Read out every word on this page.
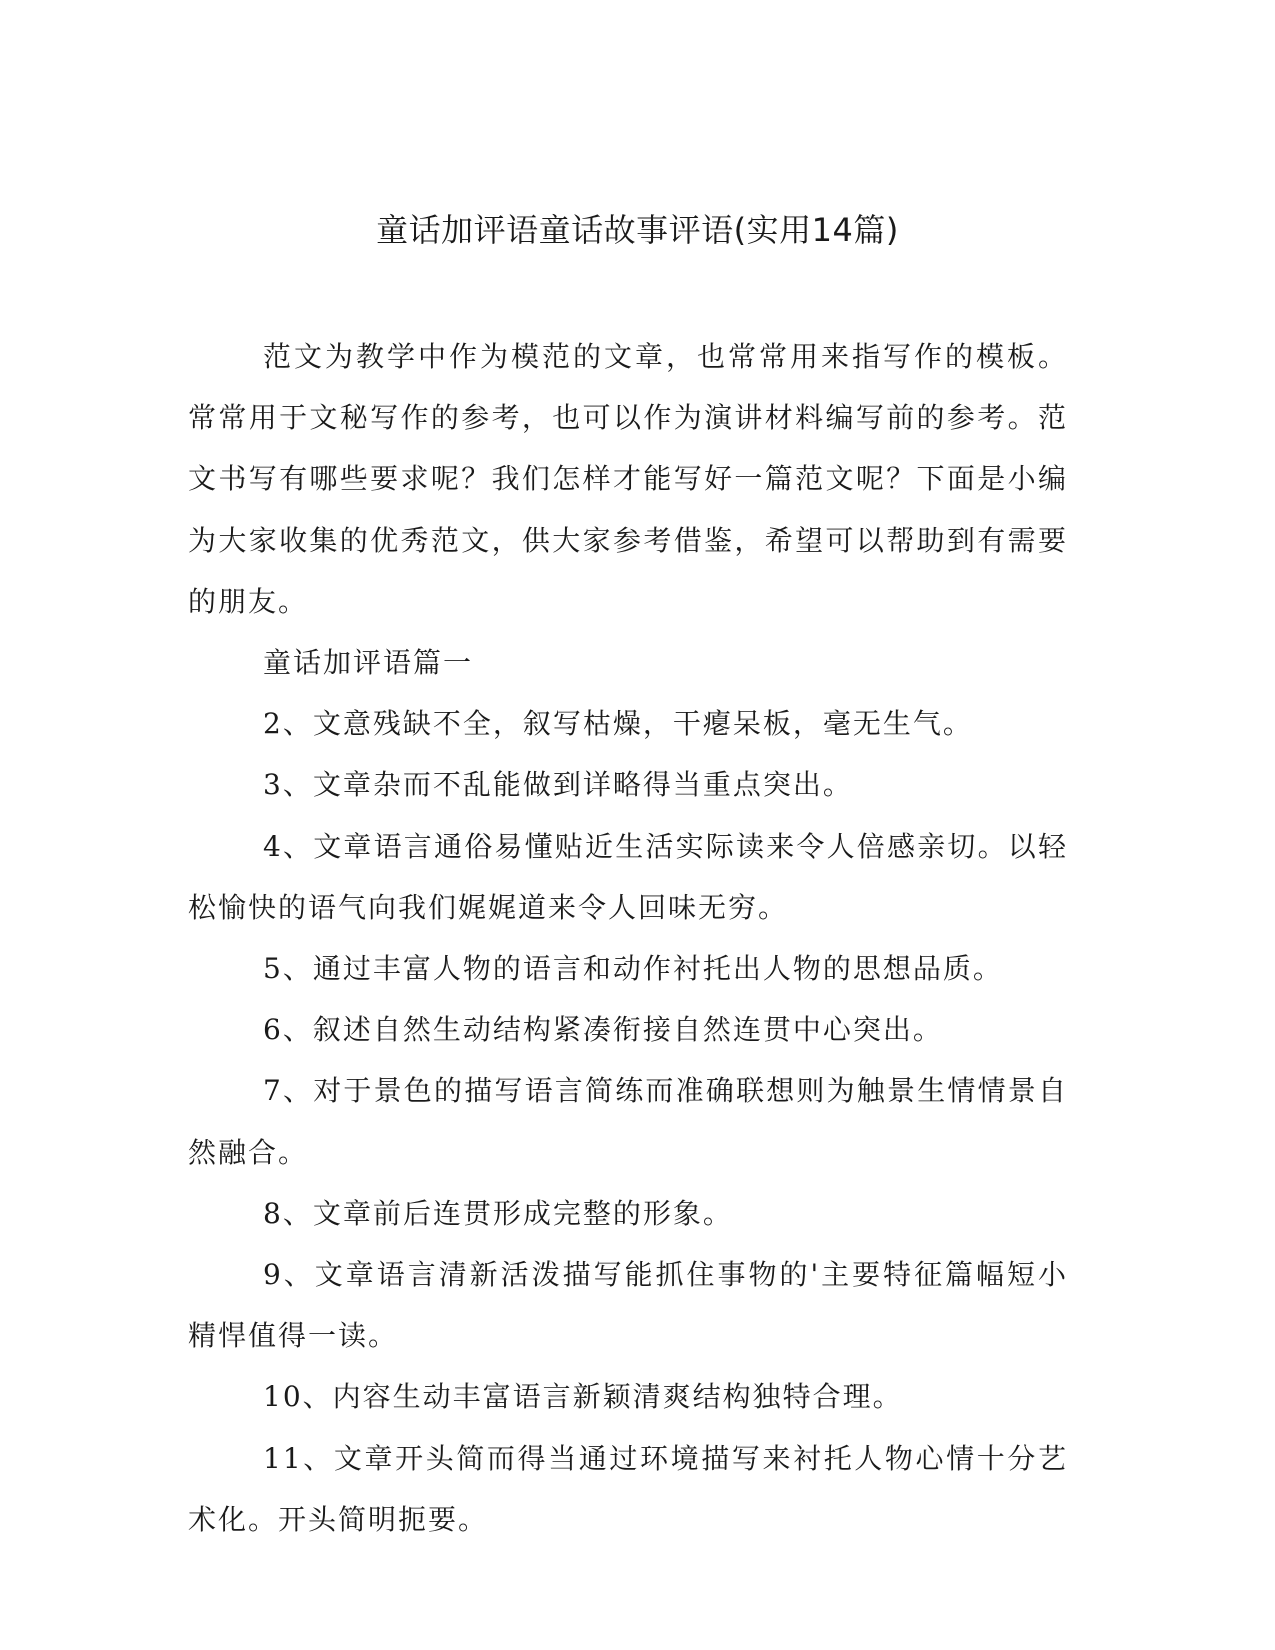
童话加评语童话故事评语(实用14篇)

范文为教学中作为模范的文章，也常常用来指写作的模板。常常用于文秘写作的参考，也可以作为演讲材料编写前的参考。范文书写有哪些要求呢？我们怎样才能写好一篇范文呢？下面是小编为大家收集的优秀范文，供大家参考借鉴，希望可以帮助到有需要的朋友。

童话加评语篇一

2、文意残缺不全，叙写枯燥，干瘪呆板，毫无生气。

3、文章杂而不乱能做到详略得当重点突出。

4、文章语言通俗易懂贴近生活实际读来令人倍感亲切。以轻松愉快的语气向我们娓娓道来令人回味无穷。

5、通过丰富人物的语言和动作衬托出人物的思想品质。

6、叙述自然生动结构紧凑衔接自然连贯中心突出。

7、对于景色的描写语言简练而准确联想则为触景生情情景自然融合。

8、文章前后连贯形成完整的形象。

9、文章语言清新活泼描写能抓住事物的'主要特征篇幅短小精悍值得一读。

10、内容生动丰富语言新颖清爽结构独特合理。

11、文章开头简而得当通过环境描写来衬托人物心情十分艺术化。开头简明扼要。
